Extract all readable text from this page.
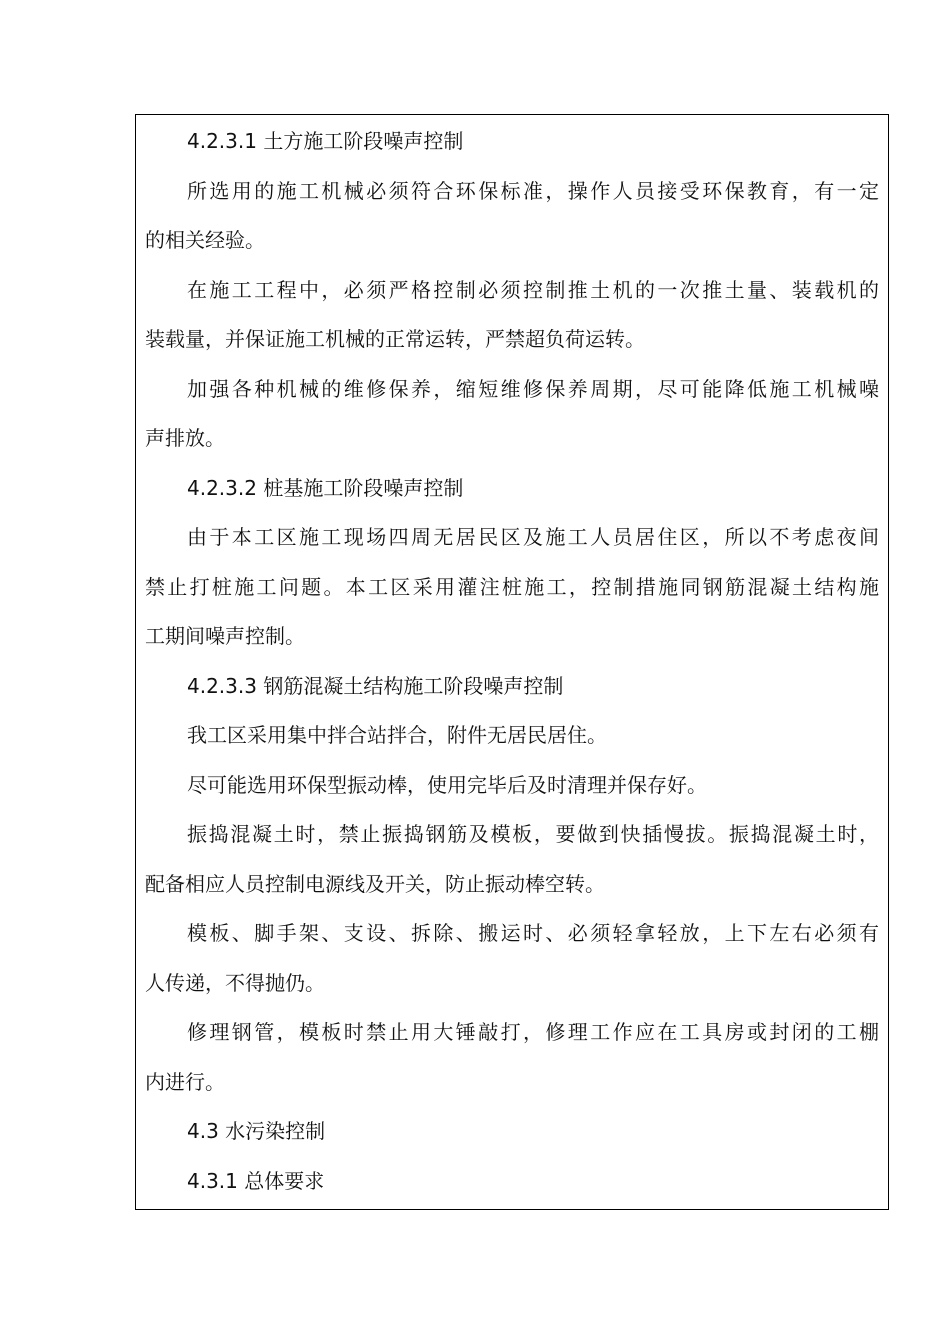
4.2.3.1 土方施工阶段噪声控制
所选用的施工机械必须符合环保标准，操作人员接受环保教育，有一定
的相关经验。
在施工工程中，必须严格控制必须控制推土机的一次推土量、装载机的
装载量，并保证施工机械的正常运转，严禁超负荷运转。
加强各种机械的维修保养，缩短维修保养周期，尽可能降低施工机械噪
声排放。
4.2.3.2 桩基施工阶段噪声控制
由于本工区施工现场四周无居民区及施工人员居住区，所以不考虑夜间
禁止打桩施工问题。本工区采用灌注桩施工，控制措施同钢筋混凝土结构施
工期间噪声控制。
4.2.3.3 钢筋混凝土结构施工阶段噪声控制
我工区采用集中拌合站拌合，附件无居民居住。
尽可能选用环保型振动棒，使用完毕后及时清理并保存好。
振捣混凝土时，禁止振捣钢筋及模板，要做到快插慢拔。振捣混凝土时，
配备相应人员控制电源线及开关，防止振动棒空转。
模板、脚手架、支设、拆除、搬运时、必须轻拿轻放，上下左右必须有
人传递，不得抛仍。
修理钢管，模板时禁止用大锤敲打，修理工作应在工具房或封闭的工棚
内进行。
4.3 水污染控制
4.3.1 总体要求
